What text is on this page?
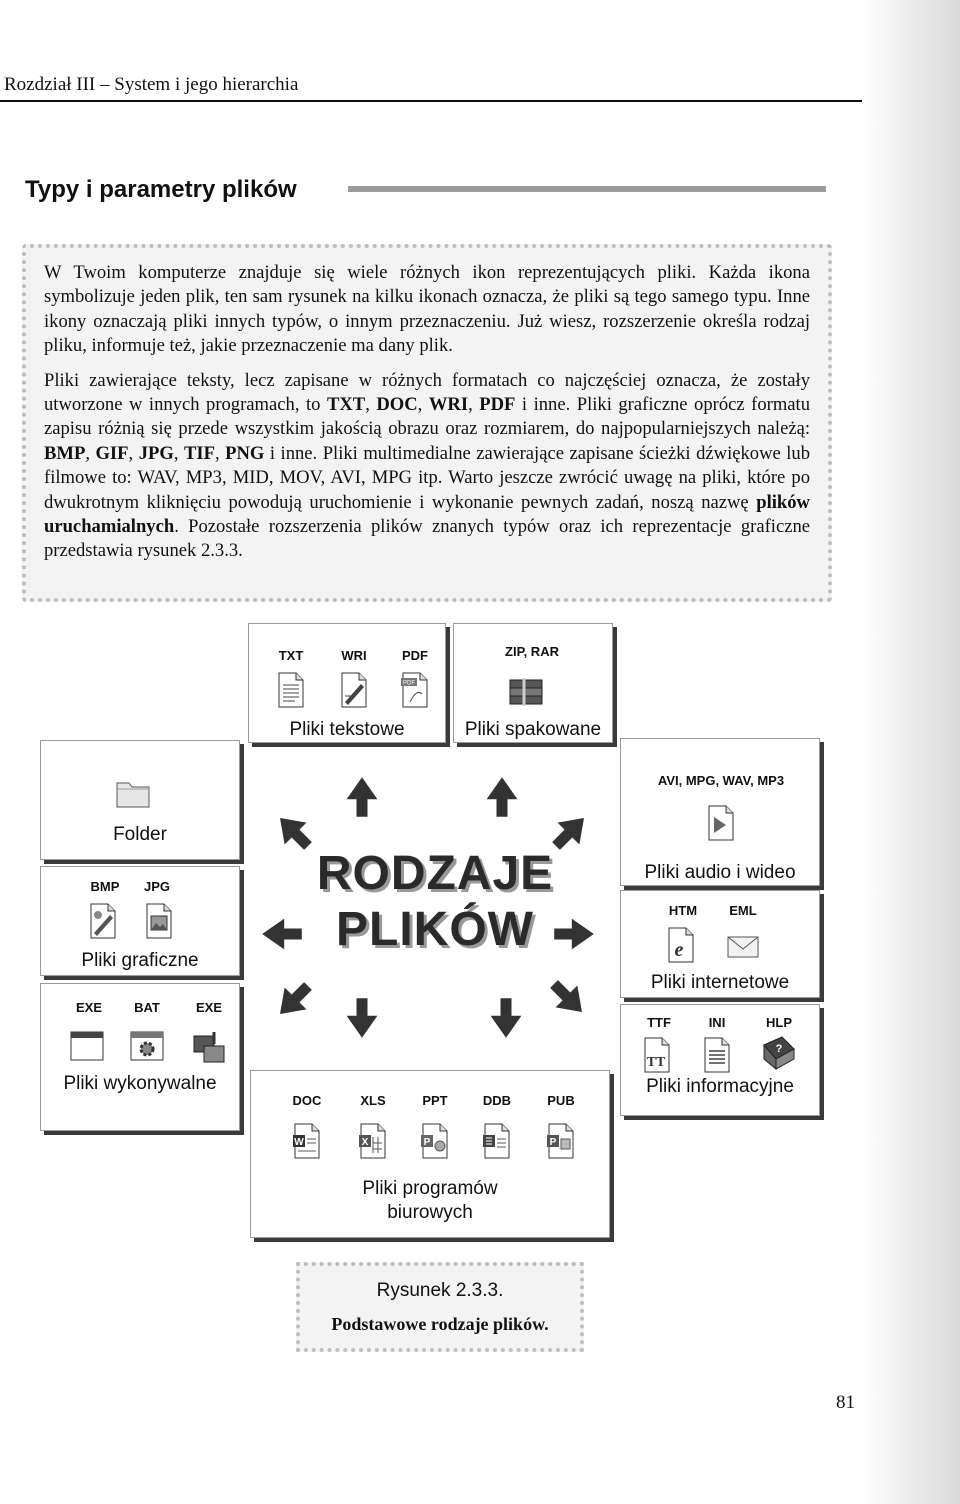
Rozdział III – System i jego hierarchia
Typy i parametry plików

W Twoim komputerze znajduje się wiele różnych ikon reprezentujących pliki. Każda ikona symbolizuje jeden plik, ten sam rysunek na kilku ikonach oznacza, że pliki są tego samego typu. Inne ikony oznaczają pliki innych typów, o innym przeznaczeniu. Już wiesz, rozszerzenie określa rodzaj pliku, informuje też, jakie przeznaczenie ma dany plik.

Pliki zawierające teksty, lecz zapisane w różnych formatach co najczęściej oznacza, że zostały utworzone w innych programach, to TXT, DOC, WRI, PDF i inne. Pliki graficzne oprócz formatu zapisu różnią się przede wszystkim jakością obrazu oraz rozmiarem, do najpopularniejszych należą: BMP, GIF, JPG, TIF, PNG i inne. Pliki multimedialne zawierające zapisane ścieżki dźwiękowe lub filmowe to: WAV, MP3, MID, MOV, AVI, MPG itp. Warto jeszcze zwrócić uwagę na pliki, które po dwukrotnym kliknięciu powodują uruchomienie i wykonanie pewnych zadań, noszą nazwę plików uruchamialnych. Pozostałe rozszerzenia plików znanych typów oraz ich reprezentacje graficzne przedstawia rysunek 2.3.3.

TXT	WRI	PDF
PDF
Pliki tekstowe
ZIP, RAR
Pliki spakowane
Folder
BMP	JPG
Pliki graficzne
EXE	BAT	EXE
Pliki wykonywalne
AVI, MPG, WAV, MP3
Pliki audio i wideo
HTM	EML
e
Pliki internetowe
TTF	INI	HLP
TT
?
Pliki informacyjne
DOC	XLS	PPT	DDB	PUB
W	X	P	P
Pliki programów
biurowych
RODZAJE
PLIKÓW
Rysunek 2.3.3.
Podstawowe rodzaje plików.
81
